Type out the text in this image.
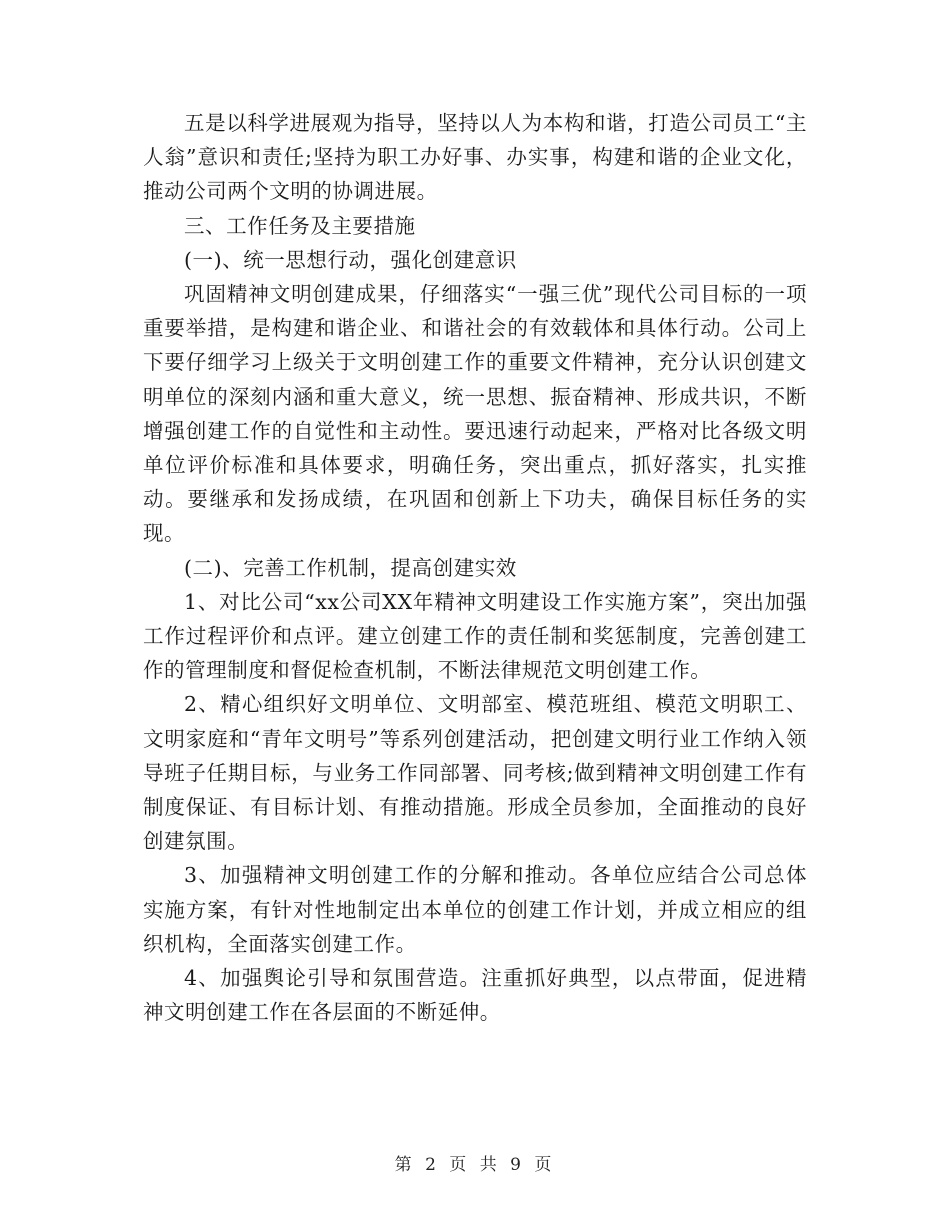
五是以科学进展观为指导，坚持以人为本构和谐，打造公司员工“主人翁”意识和责任;坚持为职工办好事、办实事，构建和谐的企业文化，推动公司两个文明的协调进展。

三、工作任务及主要措施

(一)、统一思想行动，强化创建意识

巩固精神文明创建成果，仔细落实“一强三优”现代公司目标的一项重要举措，是构建和谐企业、和谐社会的有效载体和具体行动。公司上下要仔细学习上级关于文明创建工作的重要文件精神，充分认识创建文明单位的深刻内涵和重大意义，统一思想、振奋精神、形成共识，不断增强创建工作的自觉性和主动性。要迅速行动起来，严格对比各级文明单位评价标准和具体要求，明确任务，突出重点，抓好落实，扎实推动。要继承和发扬成绩，在巩固和创新上下功夫，确保目标任务的实现。

(二)、完善工作机制，提高创建实效

1、对比公司“xx公司XX年精神文明建设工作实施方案”，突出加强工作过程评价和点评。建立创建工作的责任制和奖惩制度，完善创建工作的管理制度和督促检查机制，不断法律规范文明创建工作。

2、精心组织好文明单位、文明部室、模范班组、模范文明职工、文明家庭和“青年文明号”等系列创建活动，把创建文明行业工作纳入领导班子任期目标，与业务工作同部署、同考核;做到精神文明创建工作有制度保证、有目标计划、有推动措施。形成全员参加，全面推动的良好创建氛围。

3、加强精神文明创建工作的分解和推动。各单位应结合公司总体实施方案，有针对性地制定出本单位的创建工作计划，并成立相应的组织机构，全面落实创建工作。

4、加强舆论引导和氛围营造。注重抓好典型，以点带面，促进精神文明创建工作在各层面的不断延伸。

第 2 页 共 9 页
